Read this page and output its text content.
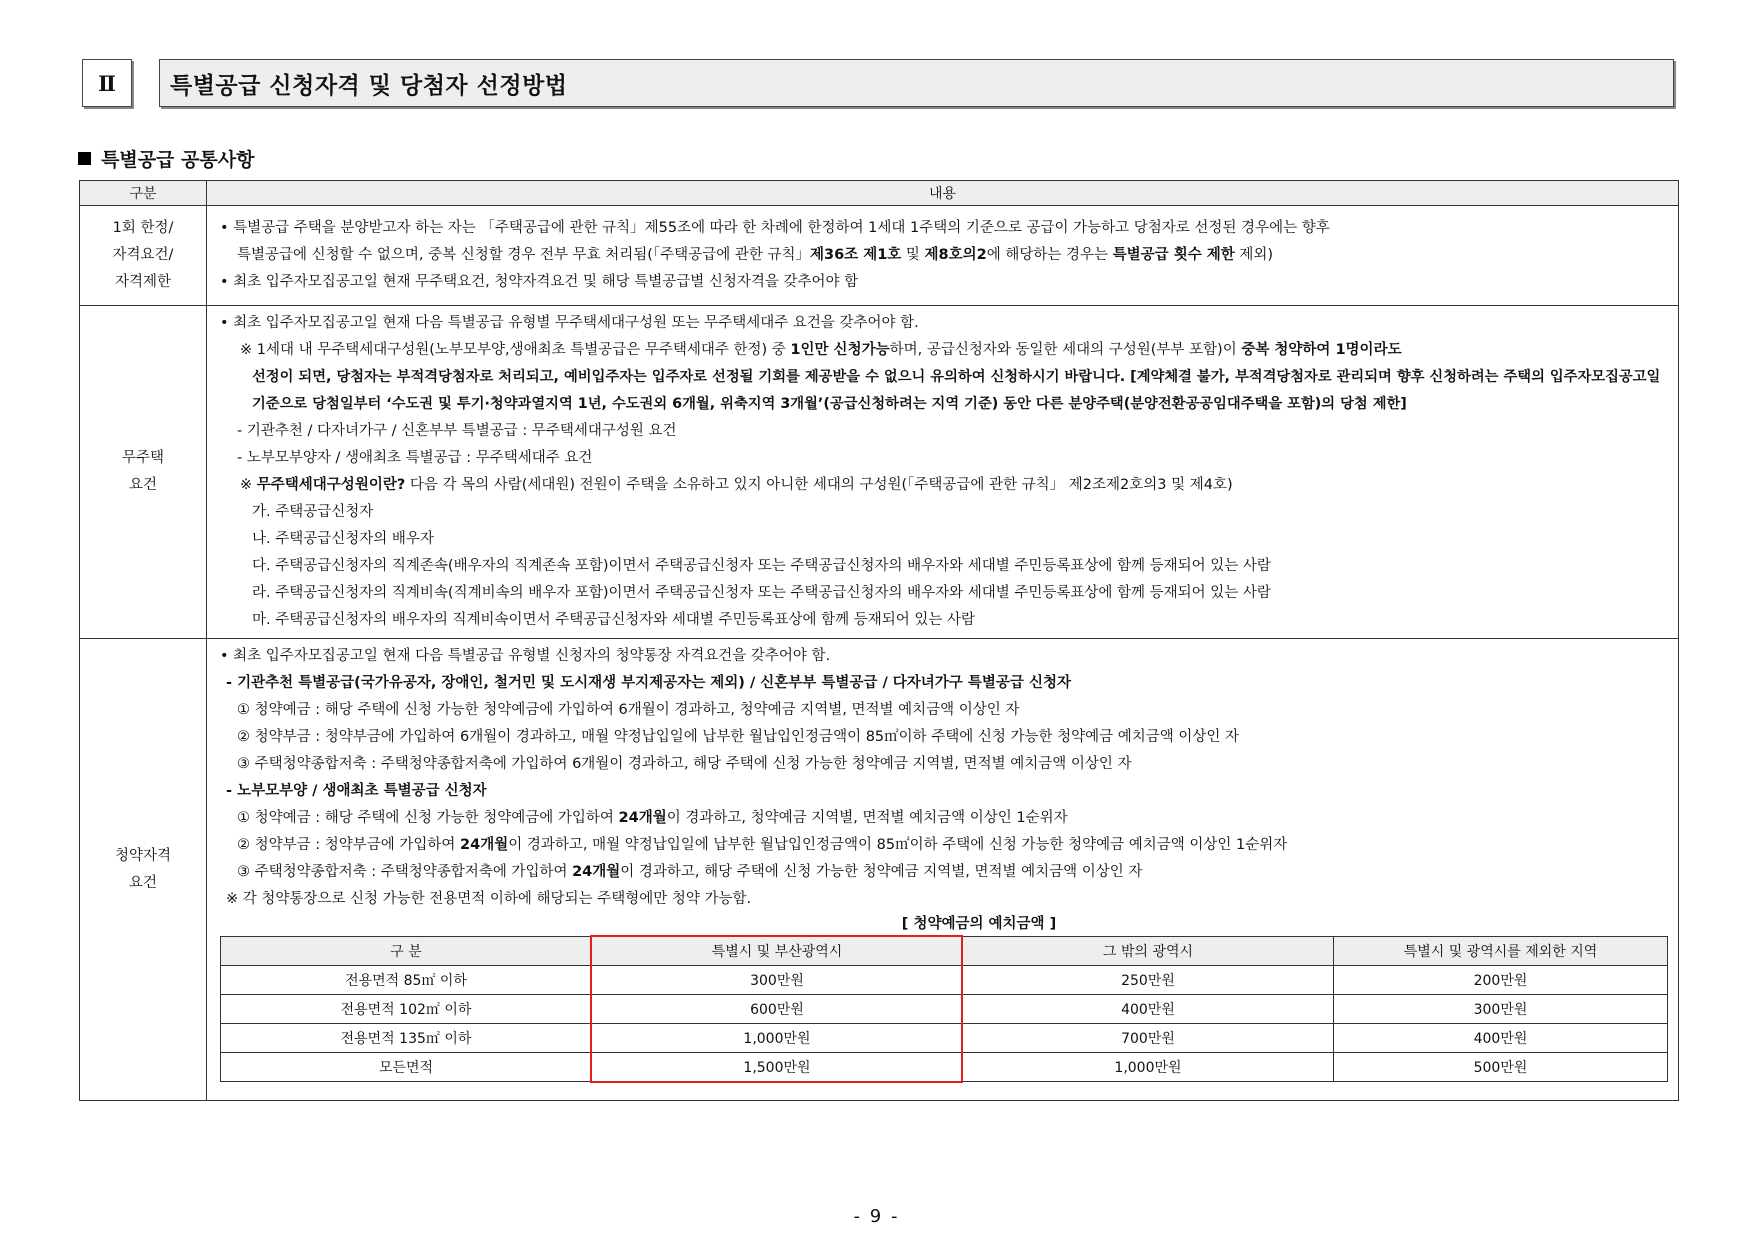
Ⅱ	특별공급 신청자격 및 당첨자 선정방법
특별공급 공통사항
구분	내용

1회 한정/
자격요건/
자격제한

• 특별공급 주택을 분양받고자 하는 자는 「주택공급에 관한 규칙」제55조에 따라 한 차례에 한정하여 1세대 1주택의 기준으로 공급이 가능하고 당첨자로 선정된 경우에는 향후
특별공급에 신청할 수 없으며, 중복 신청할 경우 전부 무효 처리됨(「주택공급에 관한 규칙」제36조 제1호 및 제8호의2에 해당하는 경우는 특별공급 횟수 제한 제외)
• 최초 입주자모집공고일 현재 무주택요건, 청약자격요건 및 해당 특별공급별 신청자격을 갖추어야 함

무주택
요건

• 최초 입주자모집공고일 현재 다음 특별공급 유형별 무주택세대구성원 또는 무주택세대주 요건을 갖추어야 함.
※ 1세대 내 무주택세대구성원(노부모부양,생애최초 특별공급은 무주택세대주 한정) 중 1인만 신청가능하며, 공급신청자와 동일한 세대의 구성원(부부 포함)이 중복 청약하여 1명이라도
선정이 되면, 당첨자는 부적격당첨자로 처리되고, 예비입주자는 입주자로 선정될 기회를 제공받을 수 없으니 유의하여 신청하시기 바랍니다. [계약체결 불가, 부적격당첨자로 관리되며 향후 신청하려는 주택의 입주자모집공고일 기준으로 당첨일부터 ‘수도권 및 투기·청약과열지역 1년, 수도권외 6개월, 위축지역 3개월’(공급신청하려는 지역 기준) 동안 다른 분양주택(분양전환공공임대주택을 포함)의 당첨 제한]
- 기관추천 / 다자녀가구 / 신혼부부 특별공급 : 무주택세대구성원 요건
- 노부모부양자 / 생애최초 특별공급 : 무주택세대주 요건
※ 무주택세대구성원이란? 다음 각 목의 사람(세대원) 전원이 주택을 소유하고 있지 아니한 세대의 구성원(「주택공급에 관한 규칙」 제2조제2호의3 및 제4호)
가. 주택공급신청자
나. 주택공급신청자의 배우자
다. 주택공급신청자의 직계존속(배우자의 직계존속 포함)이면서 주택공급신청자 또는 주택공급신청자의 배우자와 세대별 주민등록표상에 함께 등재되어 있는 사람
라. 주택공급신청자의 직계비속(직계비속의 배우자 포함)이면서 주택공급신청자 또는 주택공급신청자의 배우자와 세대별 주민등록표상에 함께 등재되어 있는 사람
마. 주택공급신청자의 배우자의 직계비속이면서 주택공급신청자와 세대별 주민등록표상에 함께 등재되어 있는 사람

청약자격
요건

• 최초 입주자모집공고일 현재 다음 특별공급 유형별 신청자의 청약통장 자격요건을 갖추어야 함.
- 기관추천 특별공급(국가유공자, 장애인, 철거민 및 도시재생 부지제공자는 제외) / 신혼부부 특별공급 / 다자녀가구 특별공급 신청자
① 청약예금 : 해당 주택에 신청 가능한 청약예금에 가입하여 6개월이 경과하고, 청약예금 지역별, 면적별 예치금액 이상인 자
② 청약부금 : 청약부금에 가입하여 6개월이 경과하고, 매월 약정납입일에 납부한 월납입인정금액이 85㎡이하 주택에 신청 가능한 청약예금 예치금액 이상인 자
③ 주택청약종합저축 : 주택청약종합저축에 가입하여 6개월이 경과하고, 해당 주택에 신청 가능한 청약예금 지역별, 면적별 예치금액 이상인 자
- 노부모부양 / 생애최초 특별공급 신청자
① 청약예금 : 해당 주택에 신청 가능한 청약예금에 가입하여 24개월이 경과하고, 청약예금 지역별, 면적별 예치금액 이상인 1순위자
② 청약부금 : 청약부금에 가입하여 24개월이 경과하고, 매월 약정납입일에 납부한 월납입인정금액이 85㎡이하 주택에 신청 가능한 청약예금 예치금액 이상인 1순위자
③ 주택청약종합저축 : 주택청약종합저축에 가입하여 24개월이 경과하고, 해당 주택에 신청 가능한 청약예금 지역별, 면적별 예치금액 이상인 자
※ 각 청약통장으로 신청 가능한 전용면적 이하에 해당되는 주택형에만 청약 가능함.
[ 청약예금의 예치금액 ]
구 분	특별시 및 부산광역시	그 밖의 광역시	특별시 및 광역시를 제외한 지역
전용면적 85㎡ 이하	300만원	250만원	200만원
전용면적 102㎡ 이하	600만원	400만원	300만원
전용면적 135㎡ 이하	1,000만원	700만원	400만원
모든면적	1,500만원	1,000만원	500만원
- 9 -
